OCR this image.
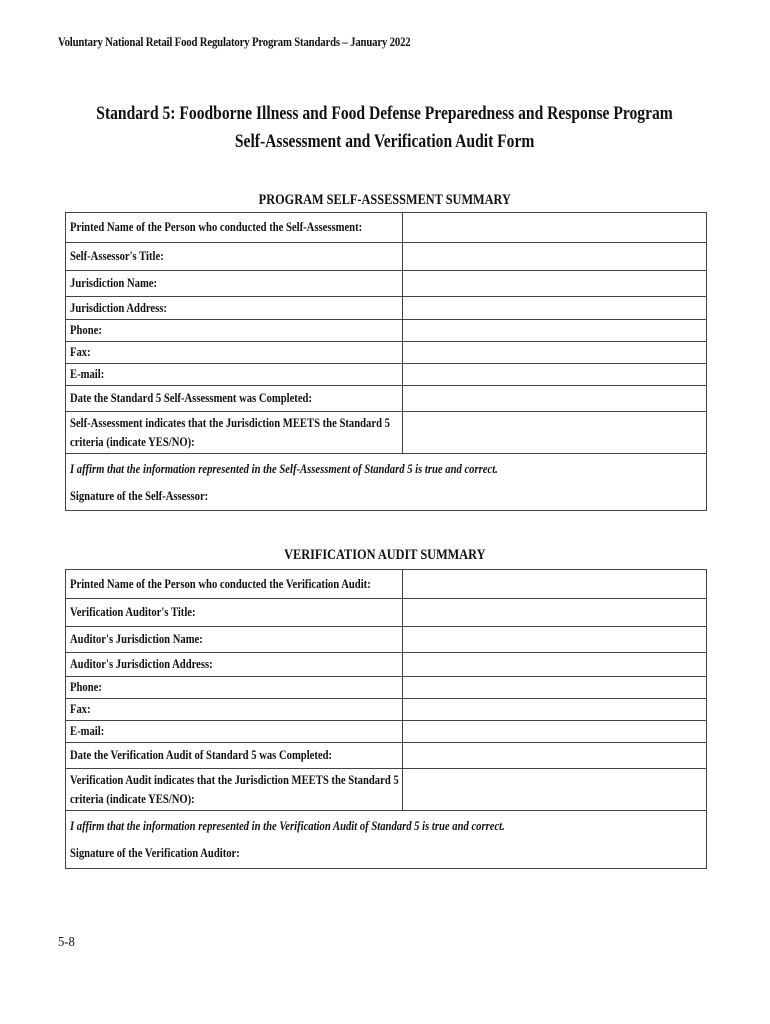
Voluntary National Retail Food Regulatory Program Standards – January 2022
Standard 5: Foodborne Illness and Food Defense Preparedness and Response Program
Self-Assessment and Verification Audit Form
PROGRAM SELF-ASSESSMENT SUMMARY
Printed Name of the Person who conducted the Self-Assessment:	
Self-Assessor's Title:	
Jurisdiction Name:	
Jurisdiction Address:	
Phone:	
Fax:	
E-mail:	
Date the Standard 5 Self-Assessment was Completed:	
Self-Assessment indicates that the Jurisdiction MEETS the Standard 5 criteria (indicate YES/NO):	

I affirm that the information represented in the Self-Assessment of Standard 5 is true and correct.
Signature of the Self-Assessor:	
VERIFICATION AUDIT SUMMARY
Printed Name of the Person who conducted the Verification Audit:	
Verification Auditor's Title:	
Auditor's Jurisdiction Name:	
Auditor's Jurisdiction Address:	
Phone:	
Fax:	
E-mail:	
Date the Verification Audit of Standard 5 was Completed:	
Verification Audit indicates that the Jurisdiction MEETS the Standard 5 criteria (indicate YES/NO):	

I affirm that the information represented in the Verification Audit of Standard 5 is true and correct.
Signature of the Verification Auditor:	
5-8
